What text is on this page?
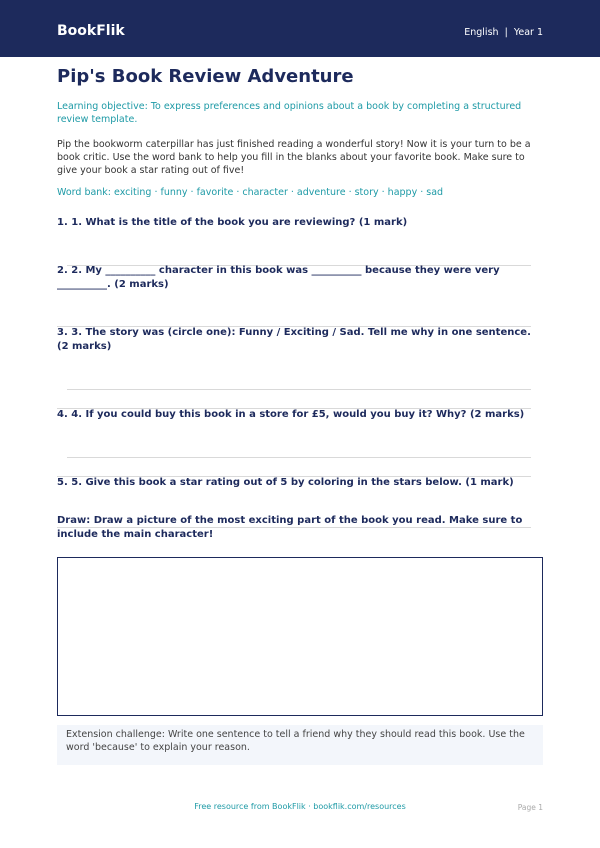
BookFlik	English  |  Year 1
Pip's Book Review Adventure
Learning objective: To express preferences and opinions about a book by completing a structured review template.
Pip the bookworm caterpillar has just finished reading a wonderful story! Now it is your turn to be a book critic. Use the word bank to help you fill in the blanks about your favorite book. Make sure to give your book a star rating out of five!
Word bank: exciting · funny · favorite · character · adventure · story · happy · sad

1. 1. What is the title of the book you are reviewing? (1 mark)

2. 2. My __________ character in this book was __________ because they were very __________. (2 marks)

3. 3. The story was (circle one): Funny / Exciting / Sad. Tell me why in one sentence. (2 marks)

4. 4. If you could buy this book in a store for £5, would you buy it? Why? (2 marks)

5. 5. Give this book a star rating out of 5 by coloring in the stars below. (1 mark)

Draw: Draw a picture of the most exciting part of the book you read. Make sure to include the main character!

Extension challenge: Write one sentence to tell a friend why they should read this book. Use the word 'because' to explain your reason.
Free resource from BookFlik · bookflik.com/resources	Page 1
